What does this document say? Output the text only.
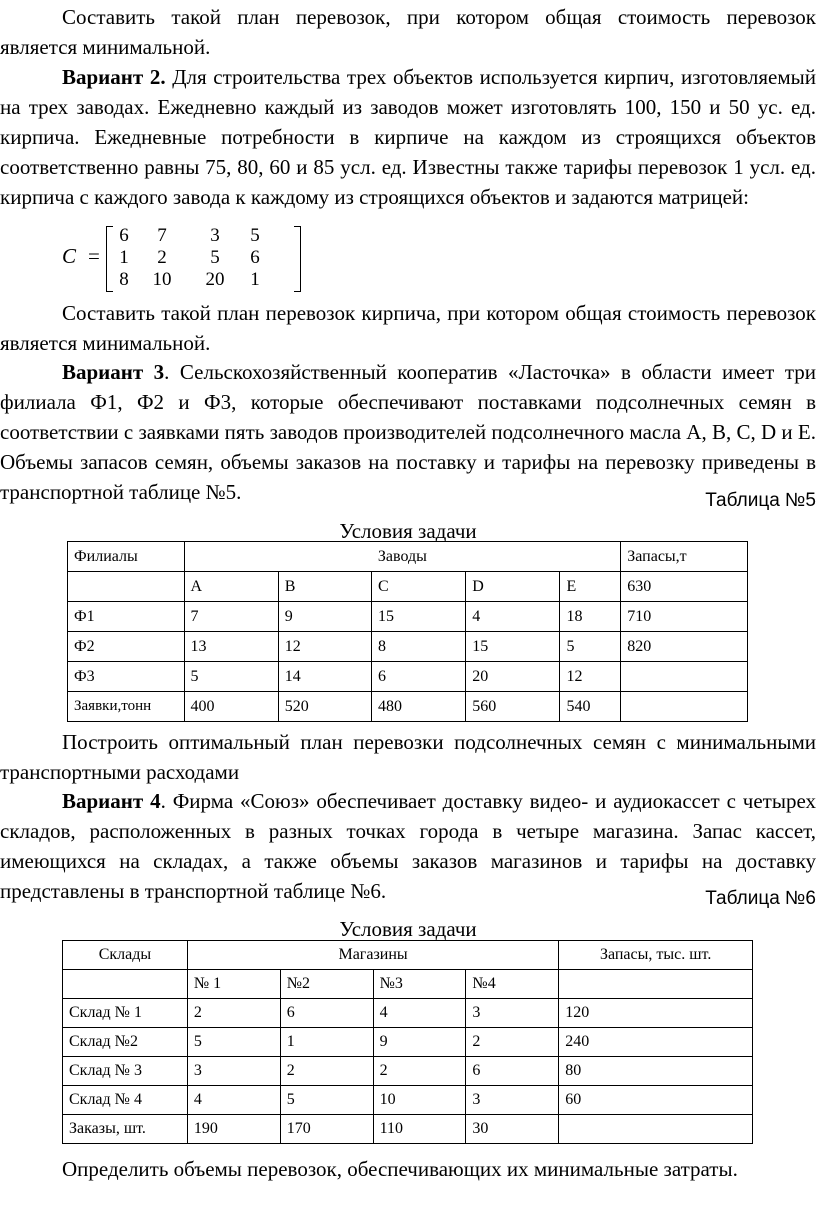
Составить такой план перевозок, при котором общая стоимость перевозок
является минимальной.
Вариант 2. Для строительства трех объектов используется кирпич, изготовляемый на трех заводах. Ежедневно каждый из заводов может изготовлять 100, 150 и 50 ус. ед. кирпича. Ежедневные потребности в кирпиче на каждом из строящихся объектов соответственно равны 75, 80, 60 и 85 усл. ед. Известны также тарифы перевозок 1 усл. ед. кирпича с каждого завода к каждому из строящихся объектов и задаются матрицей:
C =
6	7	3	5
1	2	5	6
8	10	20	1
Составить такой план перевозок кирпича, при котором общая стоимость перевозок является минимальной.
Вариант 3. Сельскохозяйственный кооператив «Ласточка» в области имеет три филиала Ф1, Ф2 и Ф3, которые обеспечивают поставками подсолнечных семян в соответствии с заявками пять заводов производителей подсолнечного масла А, В, С, D и Е. Объемы запасов семян, объемы заказов на поставку и тарифы на перевозку приведены в транспортной таблице №5.	Таблица №5
Условия задачи
Филиалы	Заводы					Запасы,т
	A	B	C	D	E	630
Ф1	7	9	15	4	18	710
Ф2	13	12	8	15	5	820
Ф3	5	14	6	20	12	
Заявки,тонн	400	520	480	560	540	
Построить оптимальный план перевозки подсолнечных семян с минимальными транспортными расходами
Вариант 4. Фирма «Союз» обеспечивает доставку видео- и аудиокассет с четырех складов, расположенных в разных точках города в четыре магазина. Запас кассет, имеющихся на складах, а также объемы заказов магазинов и тарифы на доставку представлены в транспортной таблице №6.	Таблица №6
Условия задачи
Склады	Магазины				Запасы, тыс. шт.
	№ 1	№2	№3	№4	
Склад № 1	2	6	4	3	120
Склад №2	5	1	9	2	240
Склад № 3	3	2	2	6	80
Склад № 4	4	5	10	3	60
Заказы, шт.	190	170	110	30	
Определить объемы перевозок, обеспечивающих их минимальные затраты.
